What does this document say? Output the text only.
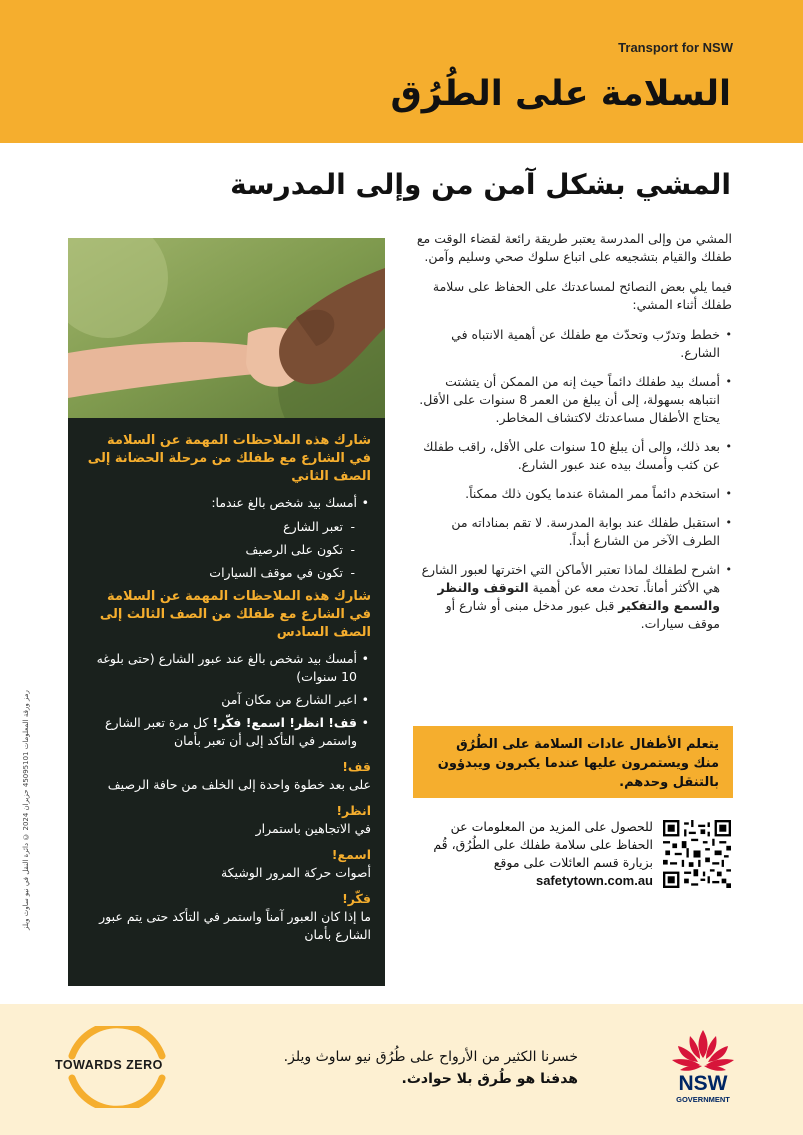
Transport for NSW
السلامة على الطُرُق
المشي بشكل آمن من وإلى المدرسة

المشي من وإلى المدرسة يعتبر طريقة رائعة لقضاء الوقت مع طفلك والقيام بتشجيعه على اتباع سلوك صحي وسليم وآمن.

فيما يلي بعض النصائح لمساعدتك على الحفاظ على سلامة طفلك أثناء المشي:

• خطط وتدرّب وتحدّث مع طفلك عن أهمية الانتباه في الشارع.
• أمسك بيد طفلك دائماً حيث إنه من الممكن أن يتشتت انتباهه بسهولة، إلى أن يبلغ من العمر 8 سنوات على الأقل. يحتاج الأطفال مساعدتك لاكتشاف المخاطر.
• بعد ذلك، وإلى أن يبلغ 10 سنوات على الأقل، راقب طفلك عن كثب وأمسك بيده عند عبور الشارع.
• استخدم دائماً ممر المشاة عندما يكون ذلك ممكناً.
• استقبل طفلك عند بوابة المدرسة. لا تقم بمناداته من الطرف الآخر من الشارع أبداً.
• اشرح لطفلك لماذا تعتبر الأماكن التي اخترتها لعبور الشارع هي الأكثر أماناً. تحدث معه عن أهمية التوقف والنظر والسمع والتفكير قبل عبور مدخل مبنى أو شارع أو موقف سيارات.
يتعلم الأطفال عادات السلامة على الطُرُق منك ويستمرون عليها عندما يكبرون ويبدؤون بالتنقل وحدهم.
للحصول على المزيد من المعلومات عن الحفاظ على سلامة طفلك على الطُرُق، قُم بزيارة قسم العائلات على موقع
safetytown.com.au
شارك هذه الملاحظات المهمة عن السلامة في الشارع مع طفلك من مرحلة الحضانة إلى الصف الثاني
• أمسك بيد شخص بالغ عندما:
- تعبر الشارع
- تكون على الرصيف
- تكون في موقف السيارات
شارك هذه الملاحظات المهمة عن السلامة في الشارع مع طفلك من الصف الثالث إلى الصف السادس
• أمسك بيد شخص بالغ عند عبور الشارع (حتى بلوغه 10 سنوات)
• اعبر الشارع من مكان آمن
• قف! انظر! اسمع! فكّر! كل مرة تعبر الشارع واستمر في التأكد إلى أن تعبر بأمان
قف!
على بعد خطوة واحدة إلى الخلف من حافة الرصيف
انظر!
في الاتجاهين باستمرار
اسمع!
أصوات حركة المرور الوشيكة
فكّر!
ما إذا كان العبور آمناً واستمر في التأكد حتى يتم عبور الشارع بأمان
رمز ورقة المعلومات 45095101 حزيران 2024 © دائرة النقل في نيو ساوث ويلز
TOWARDS ZERO	خسرنا الكثير من الأرواح على طُرُق نيو ساوث ويلز.
هدفنا هو طُرق بلا حوادث.	NSW
GOVERNMENT
